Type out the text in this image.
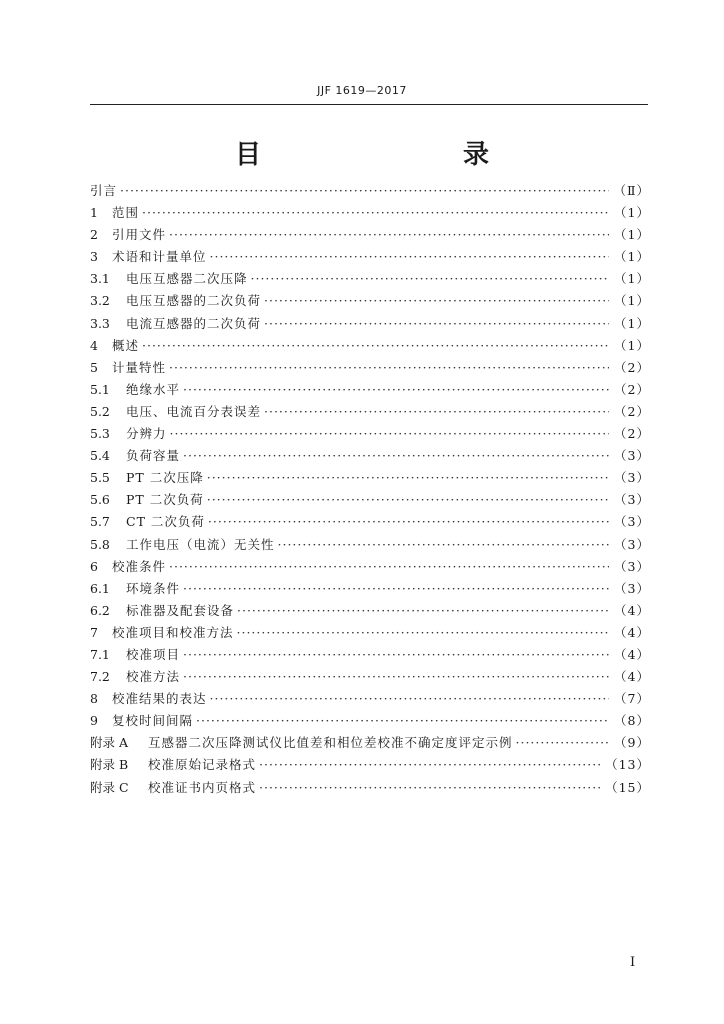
JJF 1619—2017
目　　录
引言 ·····	（Ⅱ）
1	范围 ·····	（1）
2	引用文件 ·····	（1）
3	术语和计量单位 ·····	（1）
3.1	电压互感器二次压降 ·····	（1）
3.2	电压互感器的二次负荷 ·····	（1）
3.3	电流互感器的二次负荷 ·····	（1）
4	概述 ·····	（1）
5	计量特性 ·····	（2）
5.1	绝缘水平 ·····	（2）
5.2	电压、电流百分表误差 ·····	（2）
5.3	分辨力 ·····	（2）
5.4	负荷容量 ·····	（3）
5.5	PT 二次压降 ·····	（3）
5.6	PT 二次负荷 ·····	（3）
5.7	CT 二次负荷 ·····	（3）
5.8	工作电压（电流）无关性 ·····	（3）
6	校准条件 ·····	（3）
6.1	环境条件 ·····	（3）
6.2	标准器及配套设备 ·····	（4）
7	校准项目和校准方法 ·····	（4）
7.1	校准项目 ·····	（4）
7.2	校准方法 ·····	（4）
8	校准结果的表达 ·····	（7）
9	复校时间间隔 ·····	（8）
附录 A	互感器二次压降测试仪比值差和相位差校准不确定度评定示例 ·····	（9）
附录 B	校准原始记录格式 ·····	（13）
附录 C	校准证书内页格式 ·····	（15）
I
